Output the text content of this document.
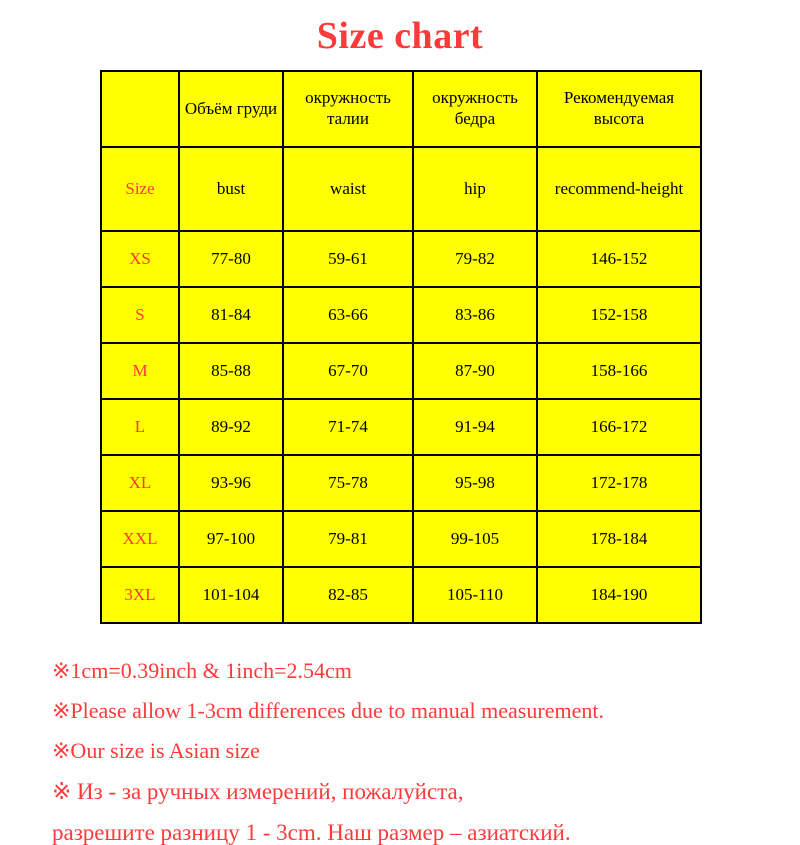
Size chart
	Объём груди	окружность талии	окружность бедра	Рекомендуемая высота
Size	bust	waist	hip	recommend-height
XS	77-80	59-61	79-82	146-152
S	81-84	63-66	83-86	152-158
M	85-88	67-70	87-90	158-166
L	89-92	71-74	91-94	166-172
XL	93-96	75-78	95-98	172-178
XXL	97-100	79-81	99-105	178-184
3XL	101-104	82-85	105-110	184-190
※1cm=0.39inch & 1inch=2.54cm
※Please allow 1-3cm differences due to manual measurement.
※Our size is Asian size
※ Из - за ручных измерений, пожалуйста,
разрешите разницу 1 - 3cm. Наш размер – азиатский.
